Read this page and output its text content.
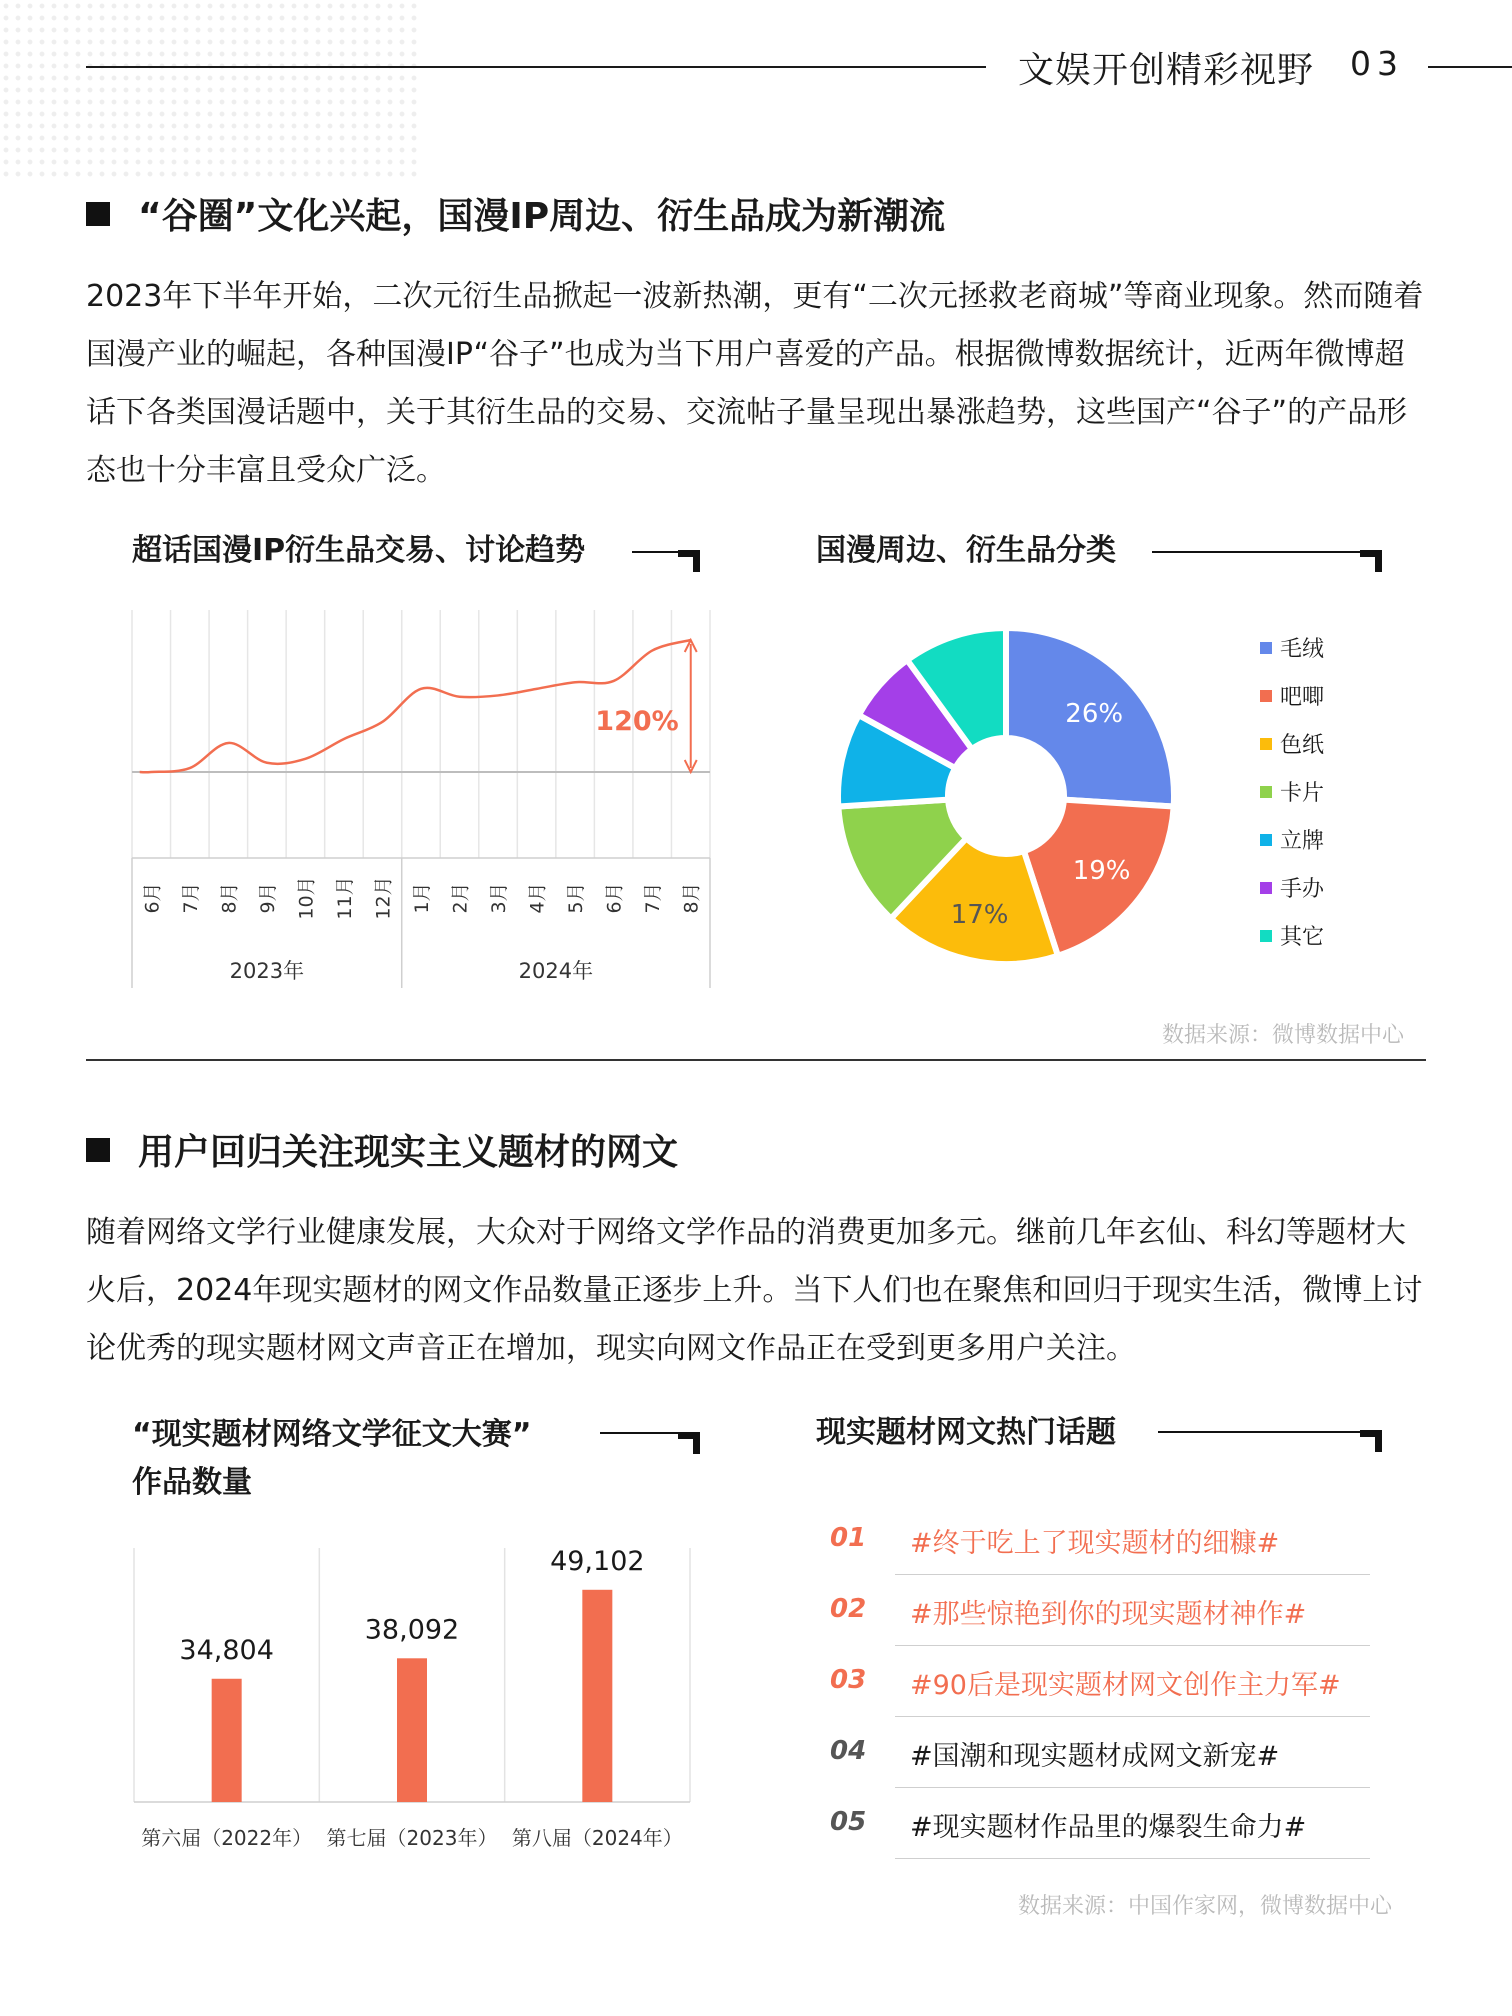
文娱开创精彩视野 03
“谷圈”文化兴起，国漫IP周边、衍生品成为新潮流
2023年下半年开始，二次元衍生品掀起一波新热潮，更有“二次元拯救老商城”等商业现象。然而随着国漫产业的崛起，各种国漫IP“谷子”也成为当下用户喜爱的产品。根据微博数据统计，近两年微博超话下各类国漫话题中，关于其衍生品的交易、交流帖子量呈现出暴涨趋势，这些国产“谷子”的产品形态也十分丰富且受众广泛。
超话国漫IP衍生品交易、讨论趋势	国漫周边、衍生品分类
120%
6月 7月 8月 9月 10月 11月 12月 1月 2月 3月 4月 5月 6月 7月 8月
2023年	2024年
26%
19%
17%
毛绒
吧唧
色纸
卡片
立牌
手办
其它
数据来源：微博数据中心
用户回归关注现实主义题材的网文
随着网络文学行业健康发展，大众对于网络文学作品的消费更加多元。继前几年玄仙、科幻等题材大火后，2024年现实题材的网文作品数量正逐步上升。当下人们也在聚焦和回归于现实生活，微博上讨论优秀的现实题材网文声音正在增加，现实向网文作品正在受到更多用户关注。
“现实题材网络文学征文大赛”
作品数量
34,804
第六届（2022年）
38,092
第七届（2023年）
49,102
第八届（2024年）
现实题材网文热门话题
01	#终于吃上了现实题材的细糠#
02	#那些惊艳到你的现实题材神作#
03	#90后是现实题材网文创作主力军#
04	#国潮和现实题材成网文新宠#
05	#现实题材作品里的爆裂生命力#
数据来源：中国作家网，微博数据中心
